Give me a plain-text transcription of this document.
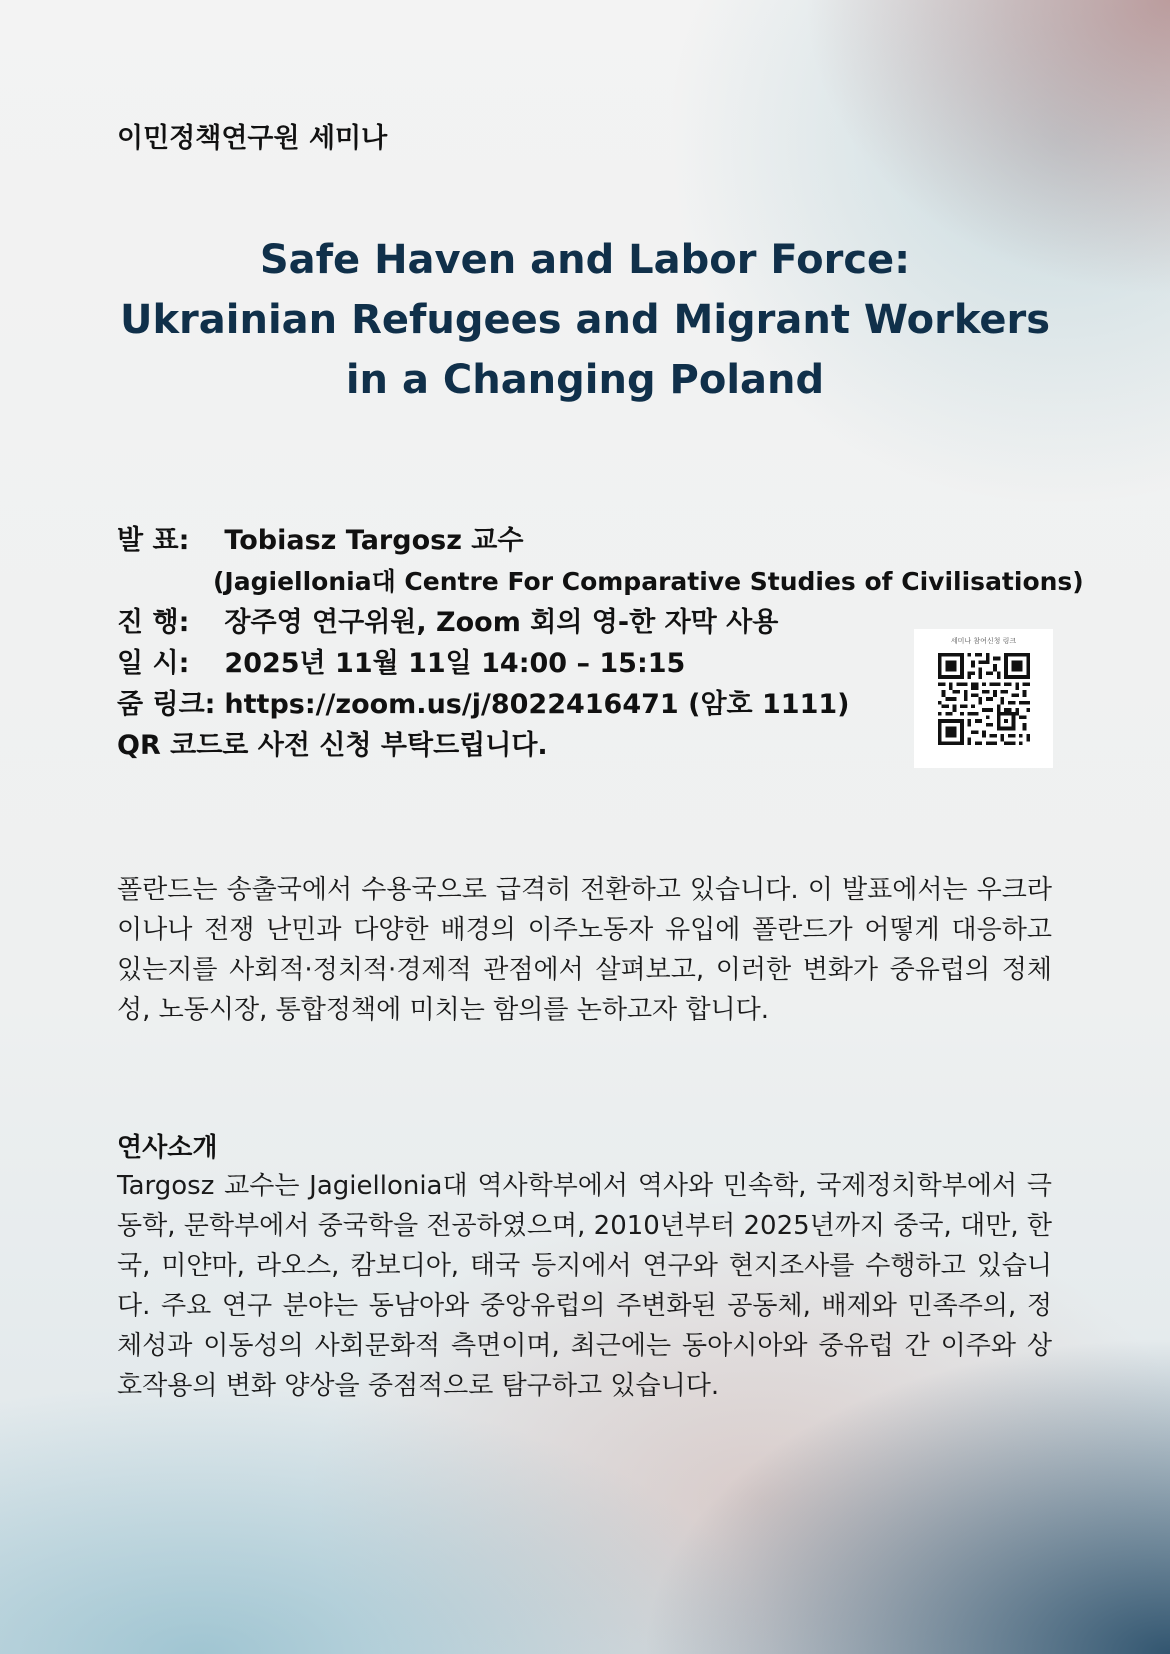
이민정책연구원 세미나
Safe Haven and Labor Force:
Ukrainian Refugees and Migrant Workers
in a Changing Poland
발 표: Tobiasz Targosz 교수
(Jagiellonia대 Centre For Comparative Studies of Civilisations)
진 행: 장주영 연구위원, Zoom 회의 영-한 자막 사용
일 시: 2025년 11월 11일 14:00 – 15:15
줌 링크: https://zoom.us/j/8022416471 (암호 1111)
QR 코드로 사전 신청 부탁드립니다.
세미나 참여신청 링크
폴란드는 송출국에서 수용국으로 급격히 전환하고 있습니다. 이 발표에서는 우크라이나나 전쟁 난민과 다양한 배경의 이주노동자 유입에 폴란드가 어떻게 대응하고 있는지를 사회적·정치적·경제적 관점에서 살펴보고, 이러한 변화가 중유럽의 정체성, 노동시장, 통합정책에 미치는 함의를 논하고자 합니다.
연사소개
Targosz 교수는 Jagiellonia대 역사학부에서 역사와 민속학, 국제정치학부에서 극동학, 문학부에서 중국학을 전공하였으며, 2010년부터 2025년까지 중국, 대만, 한국, 미얀마, 라오스, 캄보디아, 태국 등지에서 연구와 현지조사를 수행하고 있습니다. 주요 연구 분야는 동남아와 중앙유럽의 주변화된 공동체, 배제와 민족주의, 정체성과 이동성의 사회문화적 측면이며, 최근에는 동아시아와 중유럽 간 이주와 상호작용의 변화 양상을 중점적으로 탐구하고 있습니다.
